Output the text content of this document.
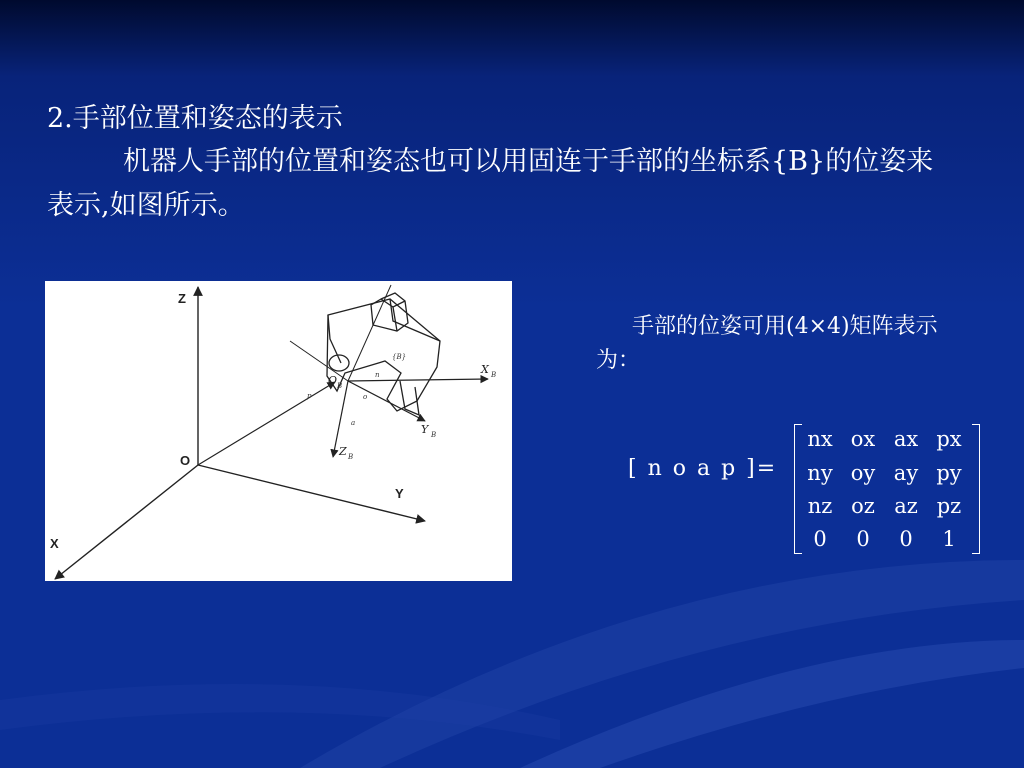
2.手部位置和姿态的表示

机器人手部的位置和姿态也可以用固连于手部的坐标系{B}的位姿来表示,如图所示。

Z
Y
X
O
p
{B}
O B
X B
Y B
Z B
n
o
a

手部的位姿可用(4×4)矩阵表示为：

[ n o a p ]=
nx ox ax px
ny oy ay py
nz oz az pz
0	0	0	1
